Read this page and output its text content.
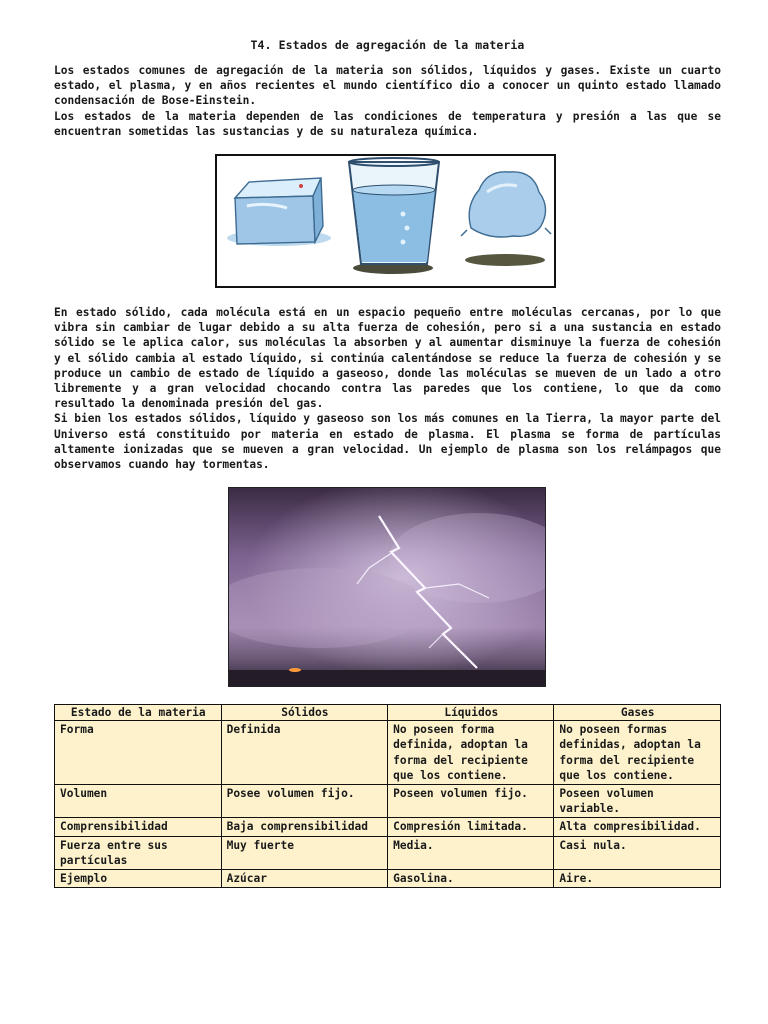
T4. Estados de agregación de la materia

Los estados comunes de agregación de la materia son sólidos, líquidos y gases. Existe un cuarto estado, el plasma, y en años recientes el mundo científico dio a conocer un quinto estado llamado condensación de Bose-Einstein.

Los estados de la materia dependen de las condiciones de temperatura y presión a las que se encuentran sometidas las sustancias y de su naturaleza química.

En estado sólido, cada molécula está en un espacio pequeño entre moléculas cercanas, por lo que vibra sin cambiar de lugar debido a su alta fuerza de cohesión, pero si a una sustancia en estado sólido se le aplica calor, sus moléculas la absorben y al aumentar disminuye la fuerza de cohesión y el sólido cambia al estado líquido, si continúa calentándose se reduce la fuerza de cohesión y se produce un cambio de estado de líquido a gaseoso, donde las moléculas se mueven de un lado a otro libremente y a gran velocidad chocando contra las paredes que los contiene, lo que da como resultado la denominada presión del gas.

Si bien los estados sólidos, líquido y gaseoso son los más comunes en la Tierra, la mayor parte del Universo está constituido por materia en estado de plasma. El plasma se forma de partículas altamente ionizadas que se mueven a gran velocidad. Un ejemplo de plasma son los relámpagos que observamos cuando hay tormentas.

Estado de la materia	Sólidos	Líquidos	Gases
Forma	Definida	No poseen forma definida, adoptan la forma del recipiente que los contiene.	No poseen formas definidas, adoptan la forma del recipiente que los contiene.
Volumen	Posee volumen fijo.	Poseen volumen fijo.	Poseen volumen variable.
Comprensibilidad	Baja comprensibilidad	Compresión limitada.	Alta compresibilidad.
Fuerza entre sus partículas	Muy fuerte	Media.	Casi nula.
Ejemplo	Azúcar	Gasolina.	Aire.
